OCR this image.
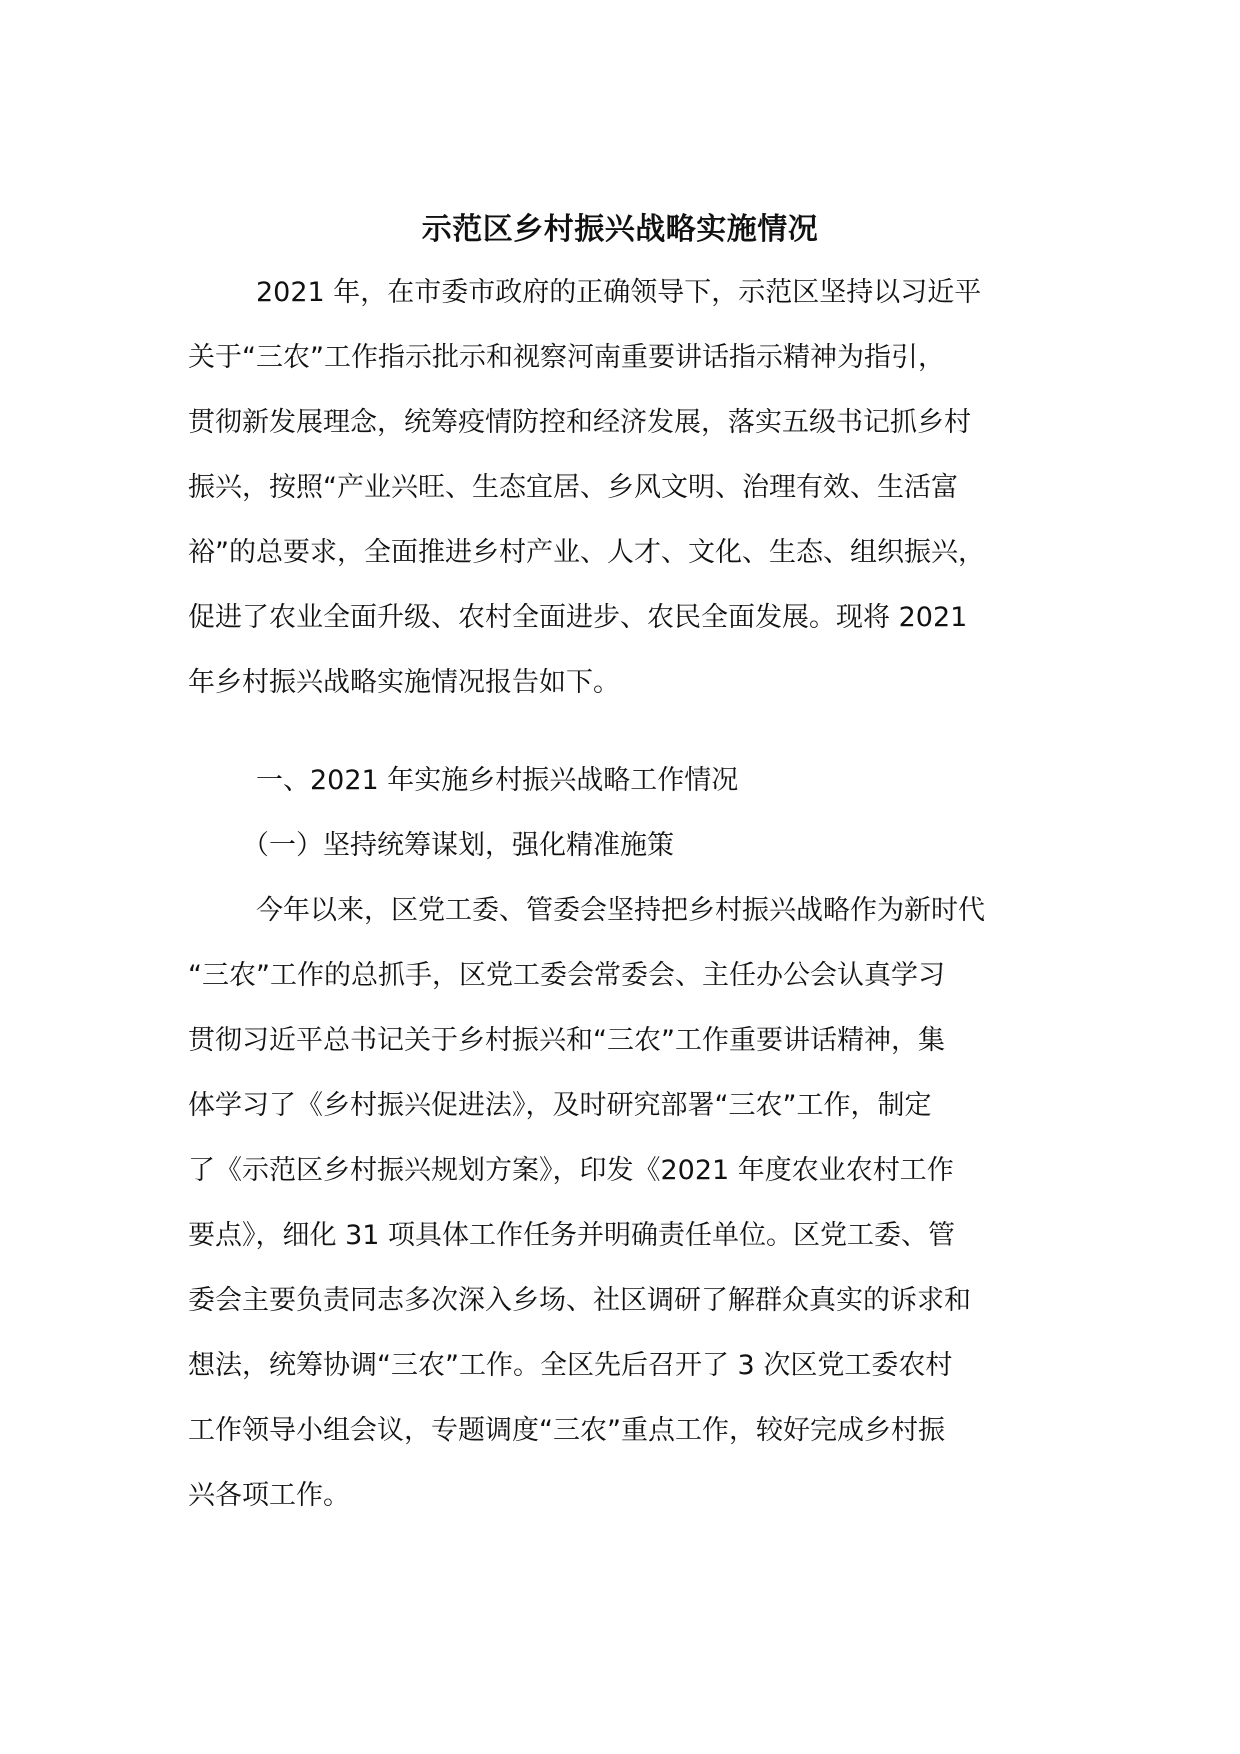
示范区乡村振兴战略实施情况
2021 年，在市委市政府的正确领导下，示范区坚持以习近平
关于“三农”工作指示批示和视察河南重要讲话指示精神为指引，
贯彻新发展理念，统筹疫情防控和经济发展，落实五级书记抓乡村
振兴，按照“产业兴旺、生态宜居、乡风文明、治理有效、生活富
裕”的总要求，全面推进乡村产业、人才、文化、生态、组织振兴，
促进了农业全面升级、农村全面进步、农民全面发展。现将 2021
年乡村振兴战略实施情况报告如下。
一、2021 年实施乡村振兴战略工作情况
（一）坚持统筹谋划，强化精准施策
今年以来，区党工委、管委会坚持把乡村振兴战略作为新时代
“三农”工作的总抓手，区党工委会常委会、主任办公会认真学习
贯彻习近平总书记关于乡村振兴和“三农”工作重要讲话精神，集
体学习了《乡村振兴促进法》，及时研究部署“三农”工作，制定
了《示范区乡村振兴规划方案》，印发《2021 年度农业农村工作
要点》，细化 31 项具体工作任务并明确责任单位。区党工委、管
委会主要负责同志多次深入乡场、社区调研了解群众真实的诉求和
想法，统筹协调“三农”工作。全区先后召开了 3 次区党工委农村
工作领导小组会议，专题调度“三农”重点工作，较好完成乡村振
兴各项工作。
